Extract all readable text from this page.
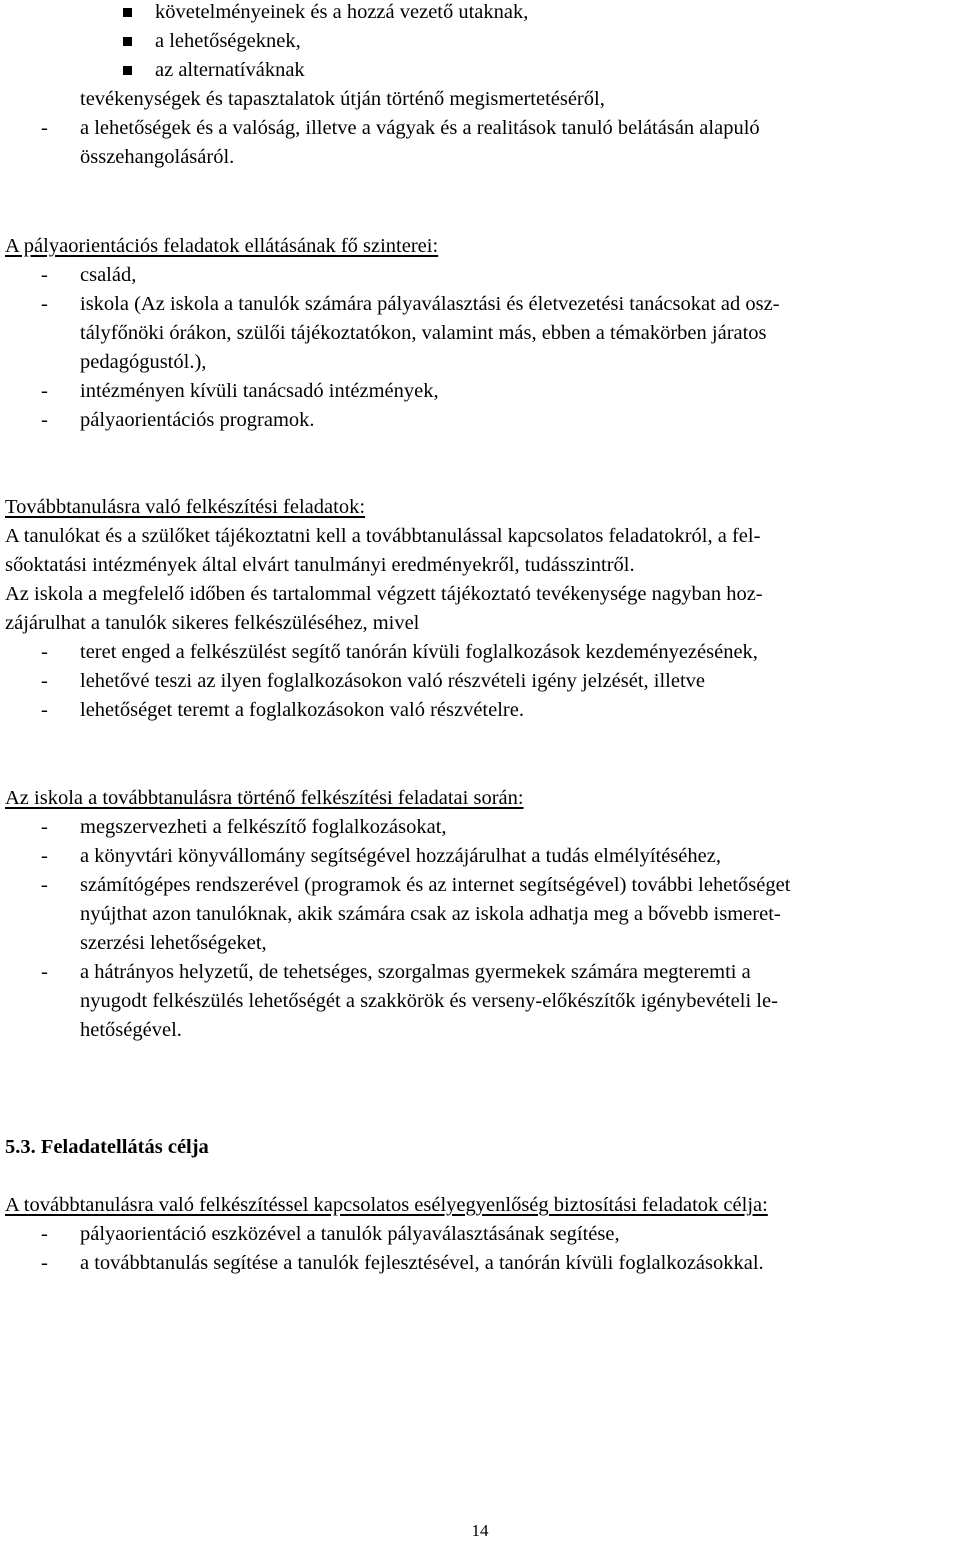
követelményeinek és a hozzá vezető utaknak,
a lehetőségeknek,
az alternatíváknak
tevékenységek és tapasztalatok útján történő megismertetéséről,
- a lehetőségek és a valóság, illetve a vágyak és a realitások tanuló belátásán alapuló
összehangolásáról.
A pályaorientációs feladatok ellátásának fő szinterei:
- család,
- iskola (Az iskola a tanulók számára pályaválasztási és életvezetési tanácsokat ad osz-
tályfőnöki órákon, szülői tájékoztatókon, valamint más, ebben a témakörben járatos
pedagógustól.),
- intézményen kívüli tanácsadó intézmények,
- pályaorientációs programok.
Továbbtanulásra való felkészítési feladatok:
A tanulókat és a szülőket tájékoztatni kell a továbbtanulással kapcsolatos feladatokról, a fel-
sőoktatási intézmények által elvárt tanulmányi eredményekről, tudásszintről.
Az iskola a megfelelő időben és tartalommal végzett tájékoztató tevékenysége nagyban hoz-
zájárulhat a tanulók sikeres felkészüléséhez, mivel
- teret enged a felkészülést segítő tanórán kívüli foglalkozások kezdeményezésének,
- lehetővé teszi az ilyen foglalkozásokon való részvételi igény jelzését, illetve
- lehetőséget teremt a foglalkozásokon való részvételre.
Az iskola a továbbtanulásra történő felkészítési feladatai során:
- megszervezheti a felkészítő foglalkozásokat,
- a könyvtári könyvállomány segítségével hozzájárulhat a tudás elmélyítéséhez,
- számítógépes rendszerével (programok és az internet segítségével) további lehetőséget
nyújthat azon tanulóknak, akik számára csak az iskola adhatja meg a bővebb ismeret-
szerzési lehetőségeket,
- a hátrányos helyzetű, de tehetséges, szorgalmas gyermekek számára megteremti a
nyugodt felkészülés lehetőségét a szakkörök és verseny-előkészítők igénybevételi le-
hetőségével.
5.3. Feladatellátás célja
A továbbtanulásra való felkészítéssel kapcsolatos esélyegyenlőség biztosítási feladatok célja:
- pályaorientáció eszközével a tanulók pályaválasztásának segítése,
- a továbbtanulás segítése a tanulók fejlesztésével, a tanórán kívüli foglalkozásokkal.
14
